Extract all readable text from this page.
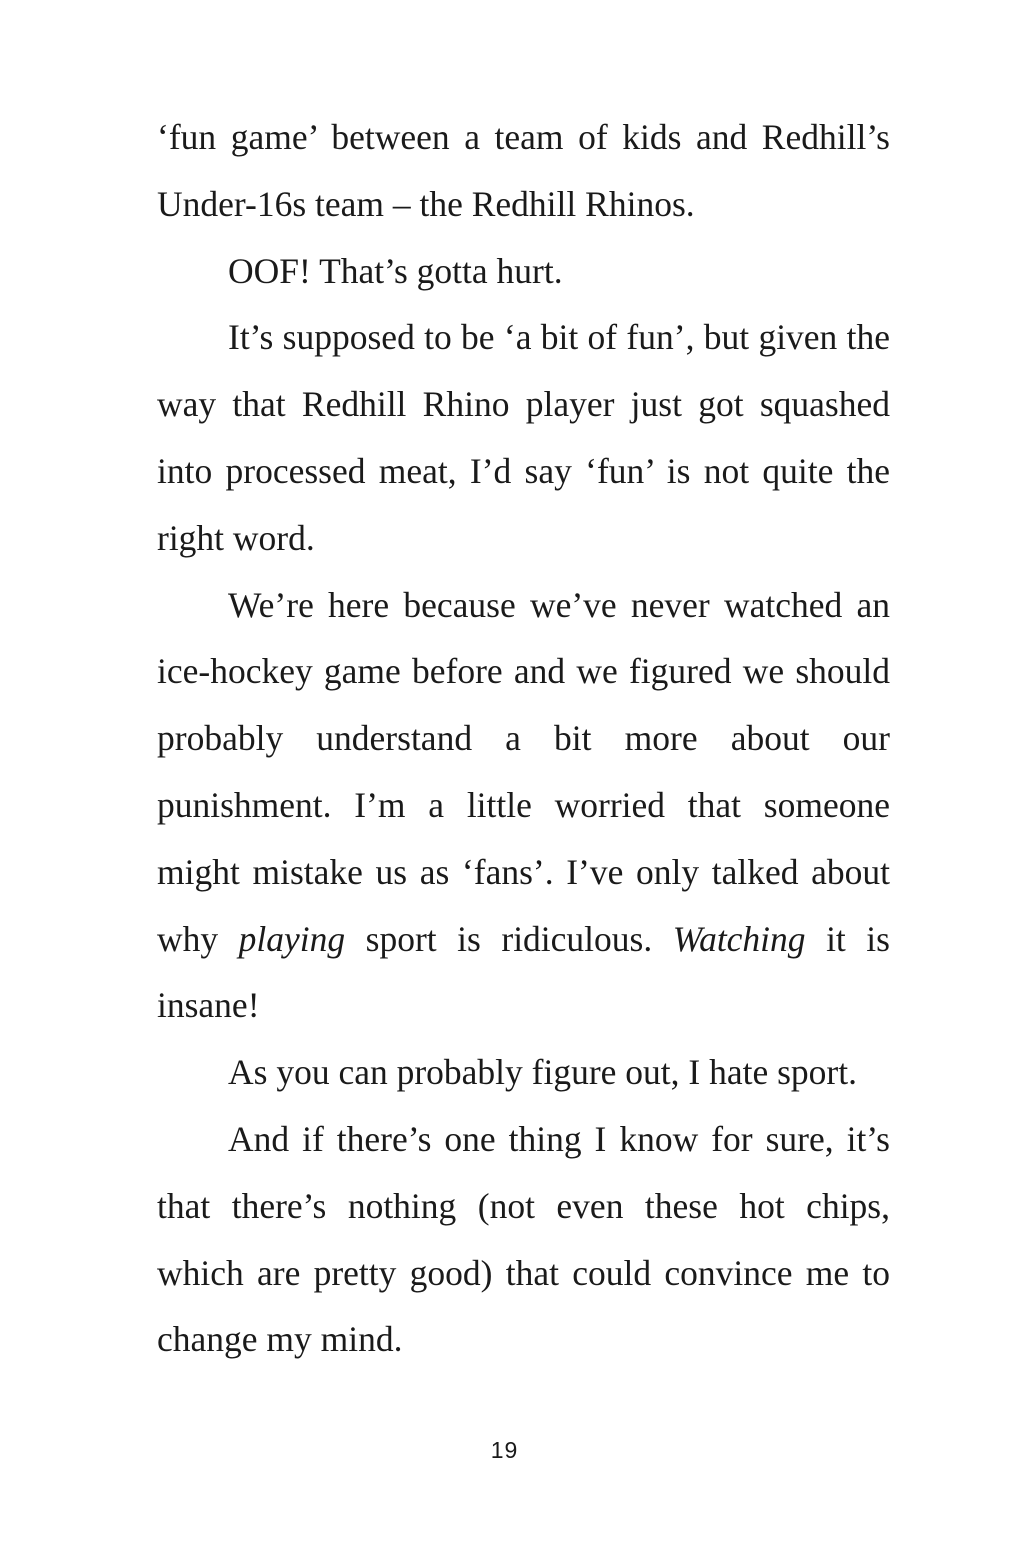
‘fun game’ between a team of kids and Redhill’s Under-16s team – the Redhill Rhinos.

OOF! That’s gotta hurt.

It’s supposed to be ‘a bit of fun’, but given the way that Redhill Rhino player just got squashed into processed meat, I’d say ‘fun’ is not quite the right word.

We’re here because we’ve never watched an ice-hockey game before and we figured we should probably understand a bit more about our punishment. I’m a little worried that someone might mistake us as ‘fans’. I’ve only talked about why playing sport is ridiculous. Watching it is insane!

As you can probably figure out, I hate sport.

And if there’s one thing I know for sure, it’s that there’s nothing (not even these hot chips, which are pretty good) that could convince me to change my mind.

19
